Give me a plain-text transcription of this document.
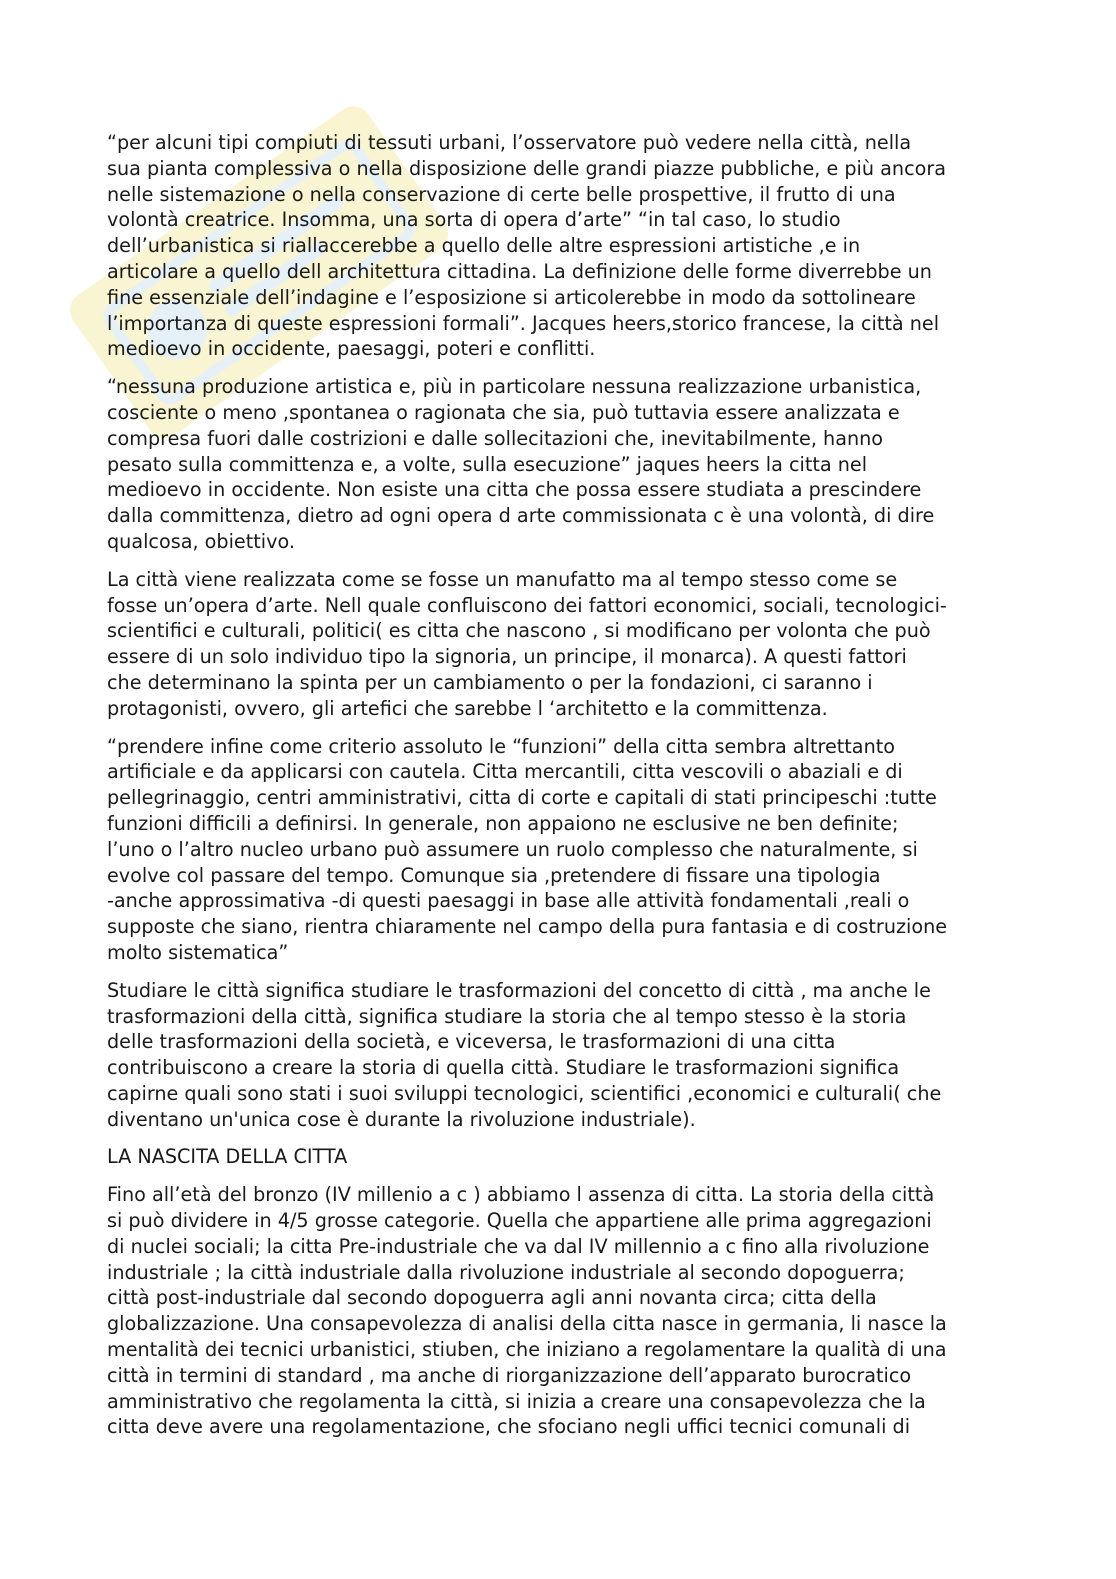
“per alcuni tipi compiuti di tessuti urbani, l’osservatore può vedere nella città, nella
sua pianta complessiva o nella disposizione delle grandi piazze pubbliche, e più ancora
nelle sistemazione o nella conservazione di certe belle prospettive, il frutto di una
volontà creatrice. Insomma, una sorta di opera d’arte” “in tal caso, lo studio
dell’urbanistica si riallaccerebbe a quello delle altre espressioni artistiche ,e in
articolare a quello dell architettura cittadina. La definizione delle forme diverrebbe un
fine essenziale dell’indagine e l’esposizione si articolerebbe in modo da sottolineare
l’importanza di queste espressioni formali”. Jacques heers,storico francese, la città nel
medioevo in occidente, paesaggi, poteri e conflitti.

“nessuna produzione artistica e, più in particolare nessuna realizzazione urbanistica,
cosciente o meno ,spontanea o ragionata che sia, può tuttavia essere analizzata e
compresa fuori dalle costrizioni e dalle sollecitazioni che, inevitabilmente, hanno
pesato sulla committenza e, a volte, sulla esecuzione” jaques heers la citta nel
medioevo in occidente. Non esiste una citta che possa essere studiata a prescindere
dalla committenza, dietro ad ogni opera d arte commissionata c è una volontà, di dire
qualcosa, obiettivo.

La città viene realizzata come se fosse un manufatto ma al tempo stesso come se
fosse un’opera d’arte. Nell quale confluiscono dei fattori economici, sociali, tecnologici-
scientifici e culturali, politici( es citta che nascono , si modificano per volonta che può
essere di un solo individuo tipo la signoria, un principe, il monarca). A questi fattori
che determinano la spinta per un cambiamento o per la fondazioni, ci saranno i
protagonisti, ovvero, gli artefici che sarebbe l ‘architetto e la committenza.

“prendere infine come criterio assoluto le “funzioni” della citta sembra altrettanto
artificiale e da applicarsi con cautela. Citta mercantili, citta vescovili o abaziali e di
pellegrinaggio, centri amministrativi, citta di corte e capitali di stati principeschi :tutte
funzioni difficili a definirsi. In generale, non appaiono ne esclusive ne ben definite;
l’uno o l’altro nucleo urbano può assumere un ruolo complesso che naturalmente, si
evolve col passare del tempo. Comunque sia ,pretendere di fissare una tipologia
-anche approssimativa -di questi paesaggi in base alle attività fondamentali ,reali o
supposte che siano, rientra chiaramente nel campo della pura fantasia e di costruzione
molto sistematica”

Studiare le città significa studiare le trasformazioni del concetto di città , ma anche le
trasformazioni della città, significa studiare la storia che al tempo stesso è la storia
delle trasformazioni della società, e viceversa, le trasformazioni di una citta
contribuiscono a creare la storia di quella città. Studiare le trasformazioni significa
capirne quali sono stati i suoi sviluppi tecnologici, scientifici ,economici e culturali( che
diventano un'unica cose è durante la rivoluzione industriale).

LA NASCITA DELLA CITTA

Fino all’età del bronzo (IV millenio a c ) abbiamo l assenza di citta. La storia della città
si può dividere in 4/5 grosse categorie. Quella che appartiene alle prima aggregazioni
di nuclei sociali; la citta Pre-industriale che va dal IV millennio a c fino alla rivoluzione
industriale ; la città industriale dalla rivoluzione industriale al secondo dopoguerra;
città post-industriale dal secondo dopoguerra agli anni novanta circa; citta della
globalizzazione. Una consapevolezza di analisi della citta nasce in germania, li nasce la
mentalità dei tecnici urbanistici, stiuben, che iniziano a regolamentare la qualità di una
città in termini di standard , ma anche di riorganizzazione dell’apparato burocratico
amministrativo che regolamenta la città, si inizia a creare una consapevolezza che la
citta deve avere una regolamentazione, che sfociano negli uffici tecnici comunali di
